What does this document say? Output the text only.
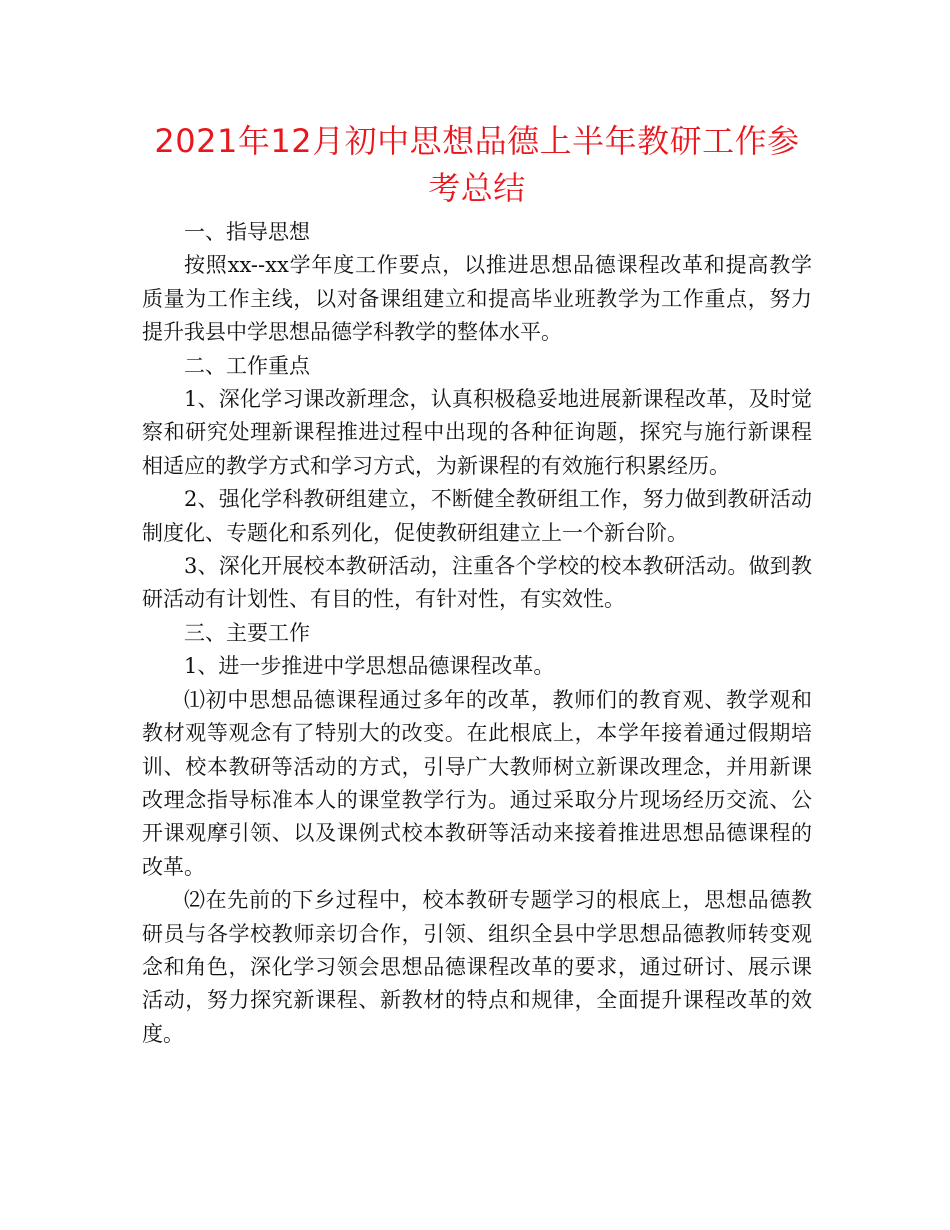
2021年12月初中思想品德上半年教研工作参考总结

一、指导思想

按照xx--xx学年度工作要点，以推进思想品德课程改革和提高教学质量为工作主线，以对备课组建立和提高毕业班教学为工作重点，努力提升我县中学思想品德学科教学的整体水平。

二、工作重点

1、深化学习课改新理念，认真积极稳妥地进展新课程改革，及时觉察和研究处理新课程推进过程中出现的各种征询题，探究与施行新课程相适应的教学方式和学习方式，为新课程的有效施行积累经历。

2、强化学科教研组建立，不断健全教研组工作，努力做到教研活动制度化、专题化和系列化，促使教研组建立上一个新台阶。

3、深化开展校本教研活动，注重各个学校的校本教研活动。做到教研活动有计划性、有目的性，有针对性，有实效性。

三、主要工作

1、进一步推进中学思想品德课程改革。

⑴初中思想品德课程通过多年的改革，教师们的教育观、教学观和教材观等观念有了特别大的改变。在此根底上，本学年接着通过假期培训、校本教研等活动的方式，引导广大教师树立新课改理念，并用新课改理念指导标准本人的课堂教学行为。通过采取分片现场经历交流、公开课观摩引领、以及课例式校本教研等活动来接着推进思想品德课程的改革。

⑵在先前的下乡过程中，校本教研专题学习的根底上，思想品德教研员与各学校教师亲切合作，引领、组织全县中学思想品德教师转变观念和角色，深化学习领会思想品德课程改革的要求，通过研讨、展示课活动，努力探究新课程、新教材的特点和规律，全面提升课程改革的效度。
